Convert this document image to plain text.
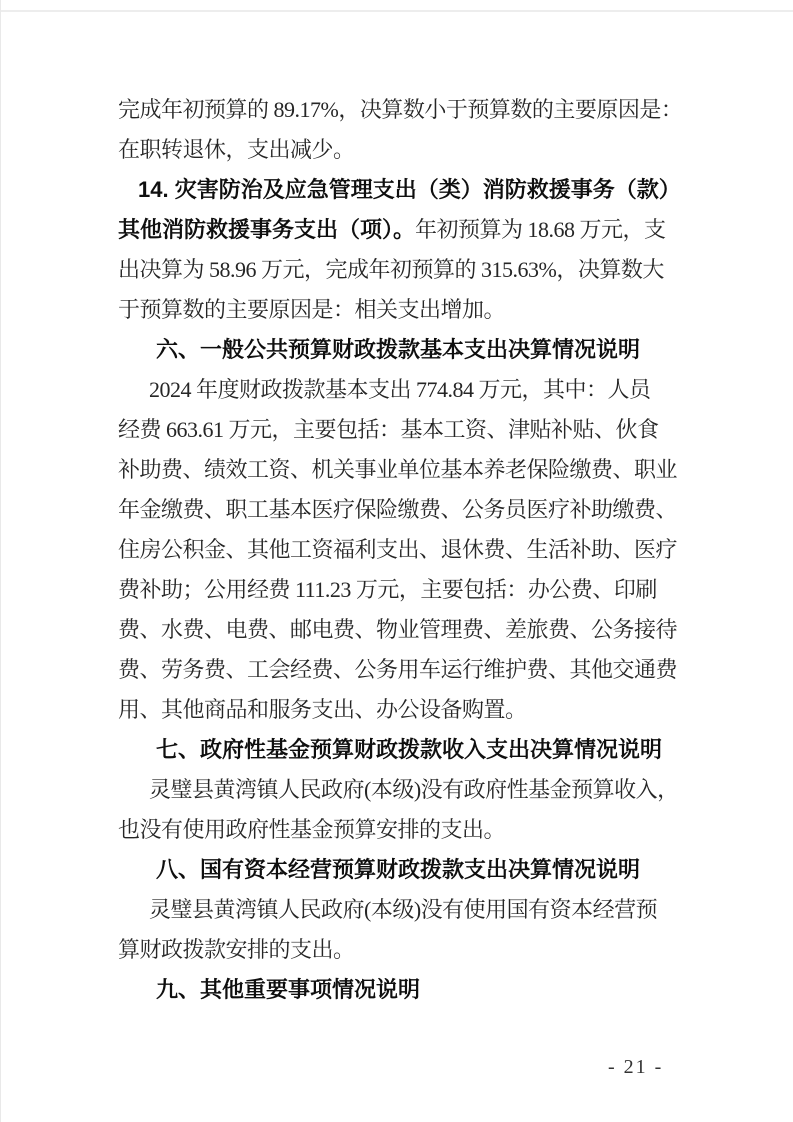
完成年初预算的 89.17%，决算数小于预算数的主要原因是：
在职转退休，支出减少。
14. 灾害防治及应急管理支出（类）消防救援事务（款）
其他消防救援事务支出（项）。年初预算为 18.68 万元，支
出决算为 58.96 万元，完成年初预算的 315.63%，决算数大
于预算数的主要原因是：相关支出增加。
六、一般公共预算财政拨款基本支出决算情况说明
2024 年度财政拨款基本支出 774.84 万元，其中：人员
经费 663.61 万元，主要包括：基本工资、津贴补贴、伙食
补助费、绩效工资、机关事业单位基本养老保险缴费、职业
年金缴费、职工基本医疗保险缴费、公务员医疗补助缴费、
住房公积金、其他工资福利支出、退休费、生活补助、医疗
费补助；公用经费 111.23 万元，主要包括：办公费、印刷
费、水费、电费、邮电费、物业管理费、差旅费、公务接待
费、劳务费、工会经费、公务用车运行维护费、其他交通费
用、其他商品和服务支出、办公设备购置。
七、政府性基金预算财政拨款收入支出决算情况说明
灵璧县黄湾镇人民政府(本级)没有政府性基金预算收入，
也没有使用政府性基金预算安排的支出。
八、国有资本经营预算财政拨款支出决算情况说明
灵璧县黄湾镇人民政府(本级)没有使用国有资本经营预
算财政拨款安排的支出。
九、其他重要事项情况说明
- 21 -
